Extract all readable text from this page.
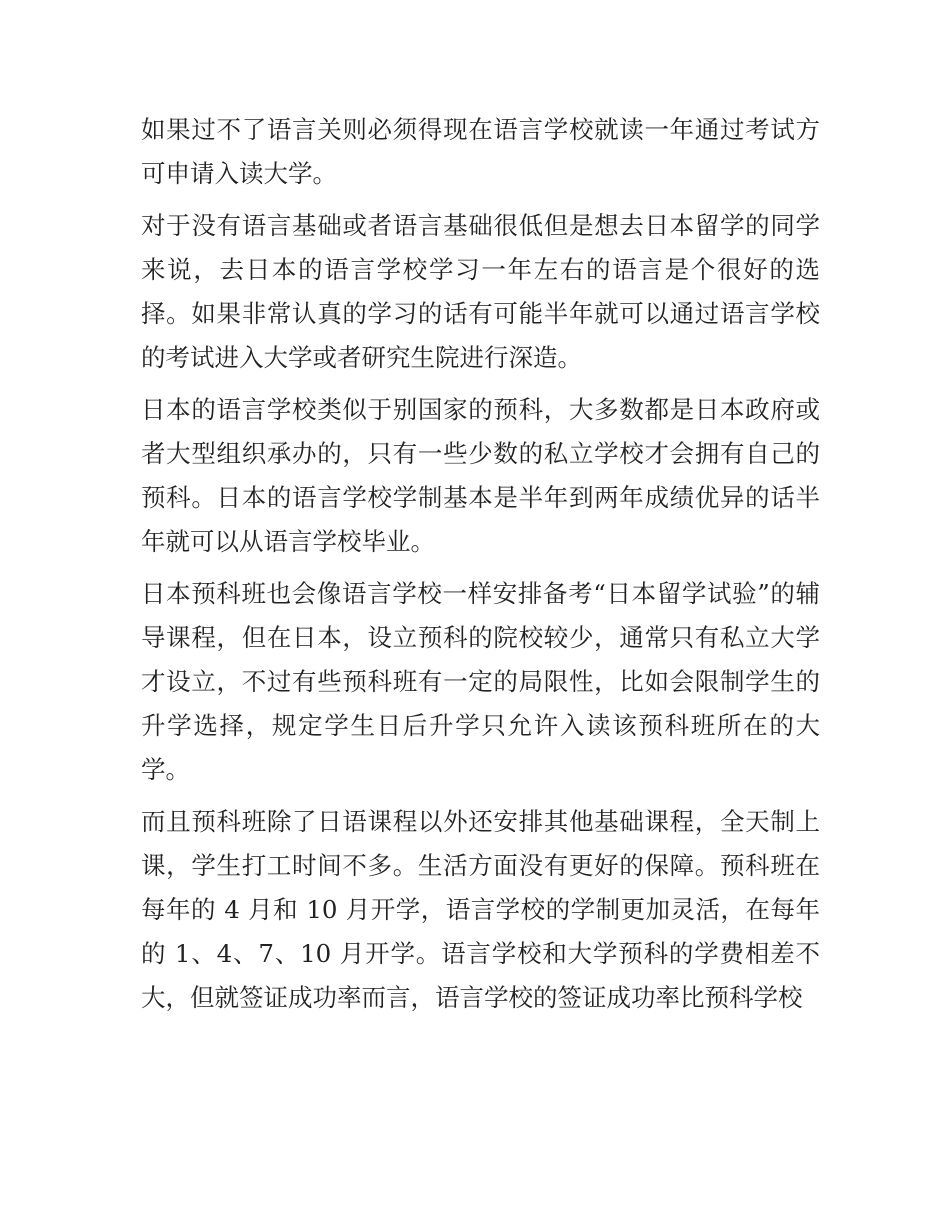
如果过不了语言关则必须得现在语言学校就读一年通过考试方可申请入读大学。

对于没有语言基础或者语言基础很低但是想去日本留学的同学来说，去日本的语言学校学习一年左右的语言是个很好的选择。如果非常认真的学习的话有可能半年就可以通过语言学校的考试进入大学或者研究生院进行深造。

日本的语言学校类似于别国家的预科，大多数都是日本政府或者大型组织承办的，只有一些少数的私立学校才会拥有自己的预科。日本的语言学校学制基本是半年到两年成绩优异的话半年就可以从语言学校毕业。

日本预科班也会像语言学校一样安排备考“日本留学试验”的辅导课程，但在日本，设立预科的院校较少，通常只有私立大学才设立，不过有些预科班有一定的局限性，比如会限制学生的升学选择，规定学生日后升学只允许入读该预科班所在的大学。

而且预科班除了日语课程以外还安排其他基础课程，全天制上课，学生打工时间不多。生活方面没有更好的保障。预科班在每年的 4 月和 10 月开学，语言学校的学制更加灵活，在每年的 1、4、7、10 月开学。语言学校和大学预科的学费相差不大，但就签证成功率而言，语言学校的签证成功率比预科学校
